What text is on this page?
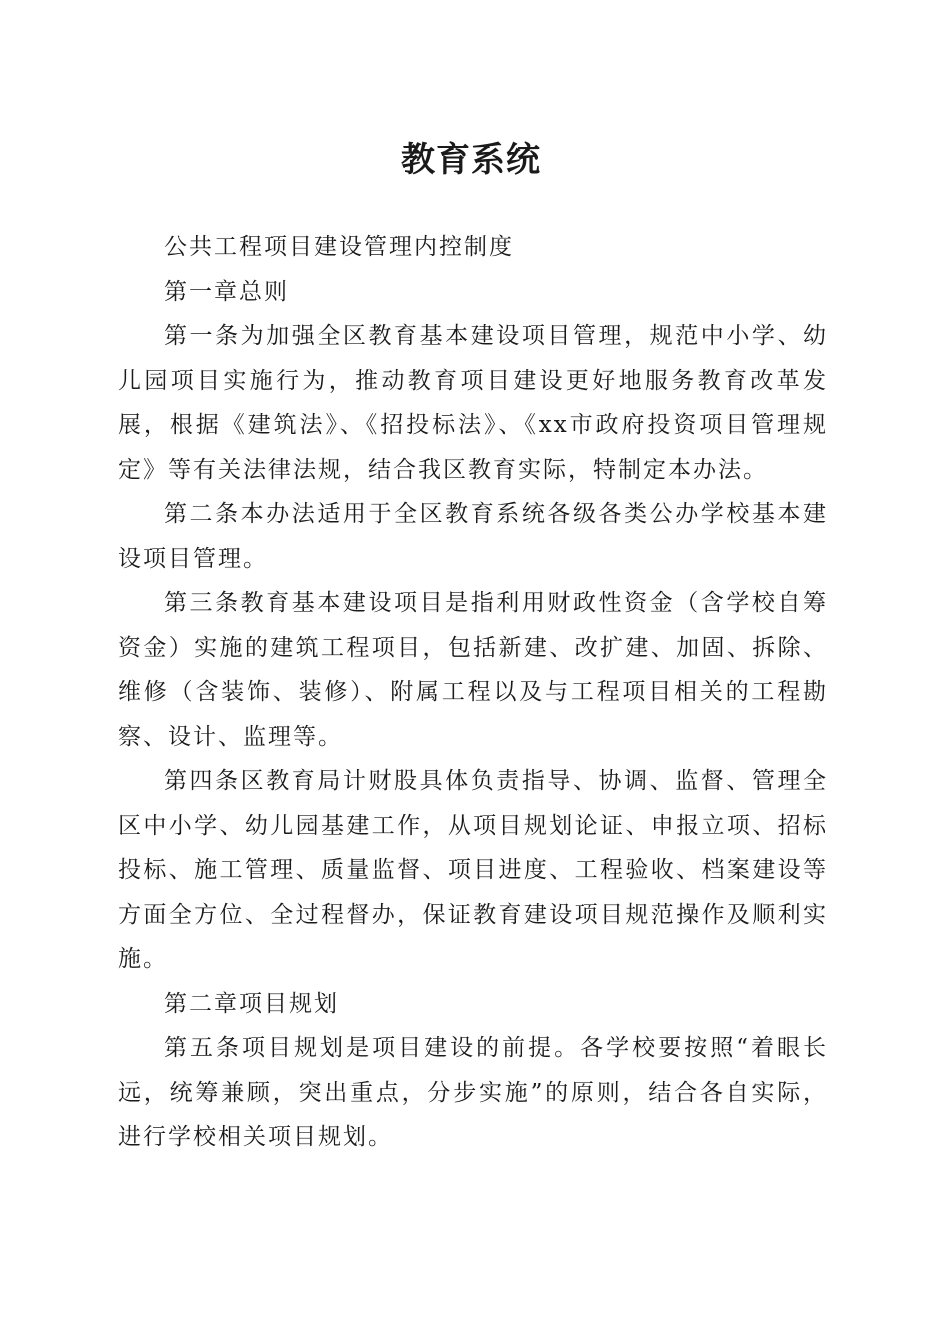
教育系统

公共工程项目建设管理内控制度

第一章总则

第一条为加强全区教育基本建设项目管理，规范中小学、幼儿园项目实施行为，推动教育项目建设更好地服务教育改革发展，根据《建筑法》、《招投标法》、《xx市政府投资项目管理规定》等有关法律法规，结合我区教育实际，特制定本办法。

第二条本办法适用于全区教育系统各级各类公办学校基本建设项目管理。

第三条教育基本建设项目是指利用财政性资金（含学校自筹资金）实施的建筑工程项目，包括新建、改扩建、加固、拆除、维修（含装饰、装修）、附属工程以及与工程项目相关的工程勘察、设计、监理等。

第四条区教育局计财股具体负责指导、协调、监督、管理全区中小学、幼儿园基建工作，从项目规划论证、申报立项、招标投标、施工管理、质量监督、项目进度、工程验收、档案建设等方面全方位、全过程督办，保证教育建设项目规范操作及顺利实施。

第二章项目规划

第五条项目规划是项目建设的前提。各学校要按照“着眼长远，统筹兼顾，突出重点，分步实施”的原则，结合各自实际，进行学校相关项目规划。
